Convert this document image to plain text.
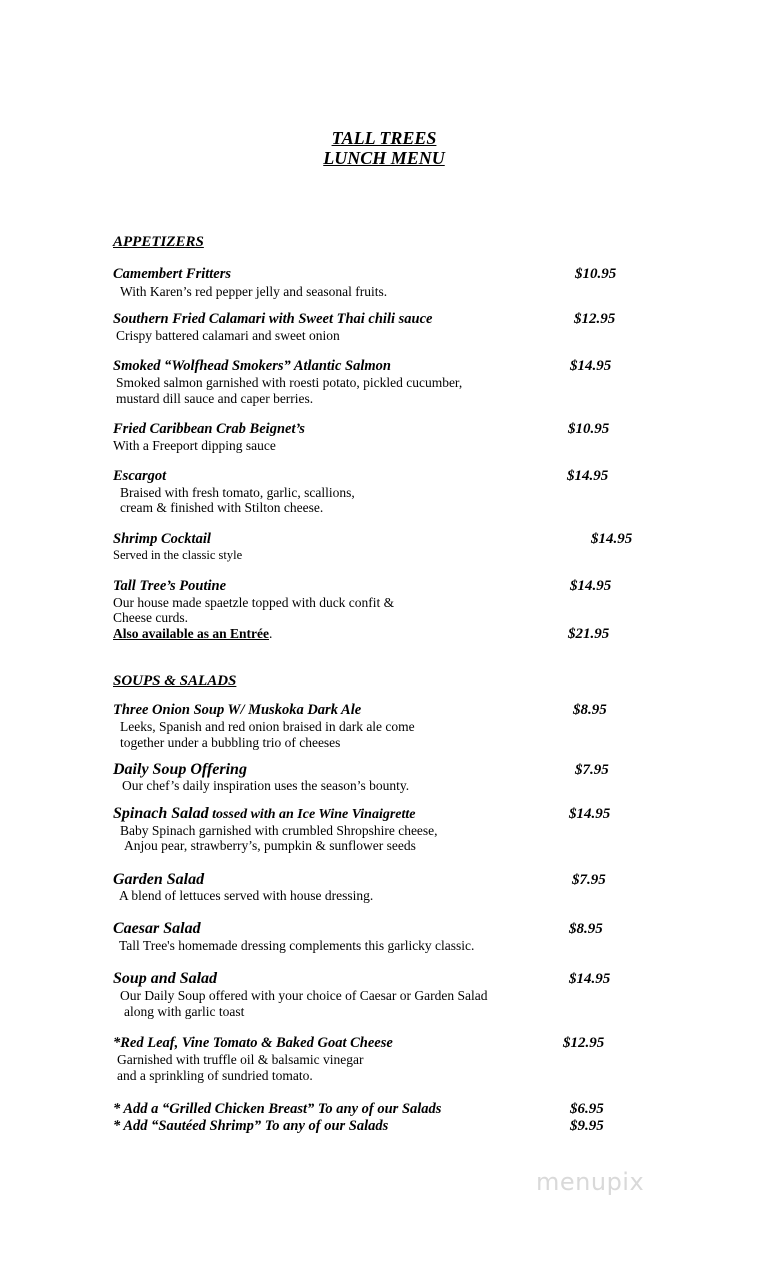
TALL TREES
LUNCH MENU
APPETIZERS
Camembert Fritters	$10.95
With Karen’s red pepper jelly and seasonal fruits.
Southern Fried Calamari with Sweet Thai chili sauce	$12.95
Crispy battered calamari and sweet onion
Smoked “Wolfhead Smokers” Atlantic Salmon	$14.95
Smoked salmon garnished with roesti potato, pickled cucumber,
mustard dill sauce and caper berries.
Fried Caribbean Crab Beignet’s	$10.95
With a Freeport dipping sauce
Escargot	$14.95
Braised with fresh tomato, garlic, scallions,
cream & finished with Stilton cheese.
Shrimp Cocktail	$14.95
Served in the classic style
Tall Tree’s Poutine	$14.95
Our house made spaetzle topped with duck confit &
Cheese curds.
Also available as an Entrée.	$21.95
SOUPS & SALADS
Three Onion Soup W/ Muskoka Dark Ale	$8.95
Leeks, Spanish and red onion braised in dark ale come
together under a bubbling trio of cheeses
Daily Soup Offering	$7.95
Our chef’s daily inspiration uses the season’s bounty.
Spinach Salad tossed with an Ice Wine Vinaigrette	$14.95
Baby Spinach garnished with crumbled Shropshire cheese,
Anjou pear, strawberry’s, pumpkin & sunflower seeds
Garden Salad	$7.95
A blend of lettuces served with house dressing.
Caesar Salad	$8.95
Tall Tree's homemade dressing complements this garlicky classic.
Soup and Salad	$14.95
Our Daily Soup offered with your choice of Caesar or Garden Salad
along with garlic toast
*Red Leaf, Vine Tomato & Baked Goat Cheese	$12.95
Garnished with truffle oil & balsamic vinegar
and a sprinkling of sundried tomato.
* Add a “Grilled Chicken Breast” To any of our Salads	$6.95
* Add “Sautéed Shrimp” To any of our Salads	$9.95
menupix
